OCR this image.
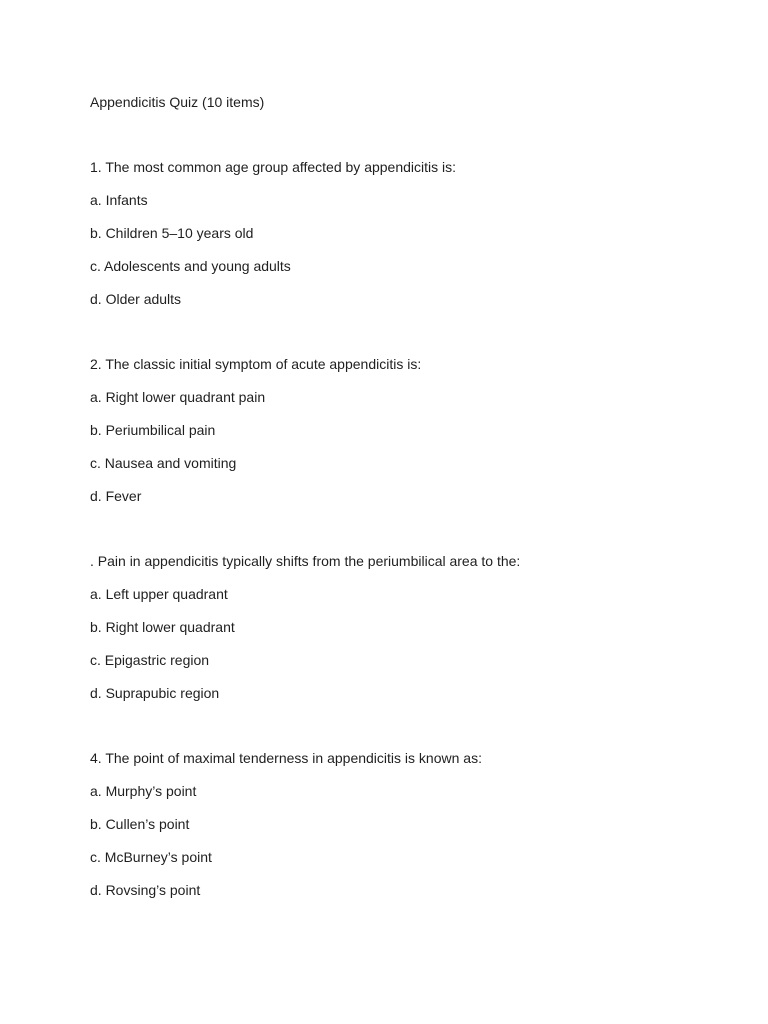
Appendicitis Quiz (10 items)
1. The most common age group affected by appendicitis is:
a. Infants
b. Children 5–10 years old
c. Adolescents and young adults
d. Older adults
2. The classic initial symptom of acute appendicitis is:
a. Right lower quadrant pain
b. Periumbilical pain
c. Nausea and vomiting
d. Fever
. Pain in appendicitis typically shifts from the periumbilical area to the:
a. Left upper quadrant
b. Right lower quadrant
c. Epigastric region
d. Suprapubic region
4. The point of maximal tenderness in appendicitis is known as:
a. Murphy’s point
b. Cullen’s point
c. McBurney’s point
d. Rovsing’s point
